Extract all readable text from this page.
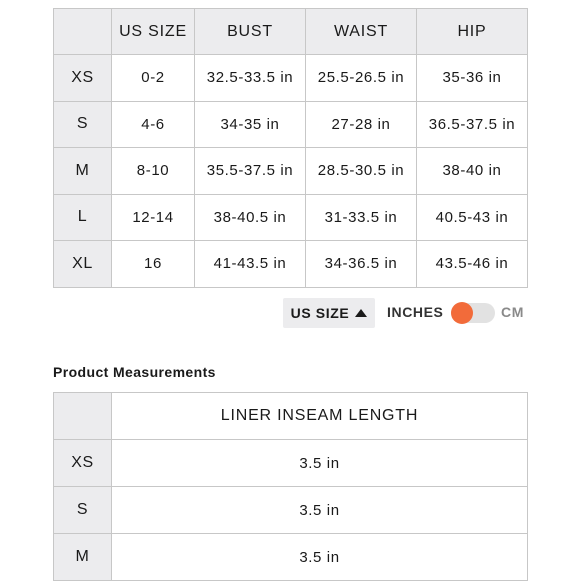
	US SIZE	BUST	WAIST	HIP
XS	0-2	32.5-33.5 in	25.5-26.5 in	35-36 in
S	4-6	34-35 in	27-28 in	36.5-37.5 in
M	8-10	35.5-37.5 in	28.5-30.5 in	38-40 in
L	12-14	38-40.5 in	31-33.5 in	40.5-43 in
XL	16	41-43.5 in	34-36.5 in	43.5-46 in
US SIZE	INCHES	CM
Product Measurements
	LINER INSEAM LENGTH
XS	3.5 in
S	3.5 in
M	3.5 in
